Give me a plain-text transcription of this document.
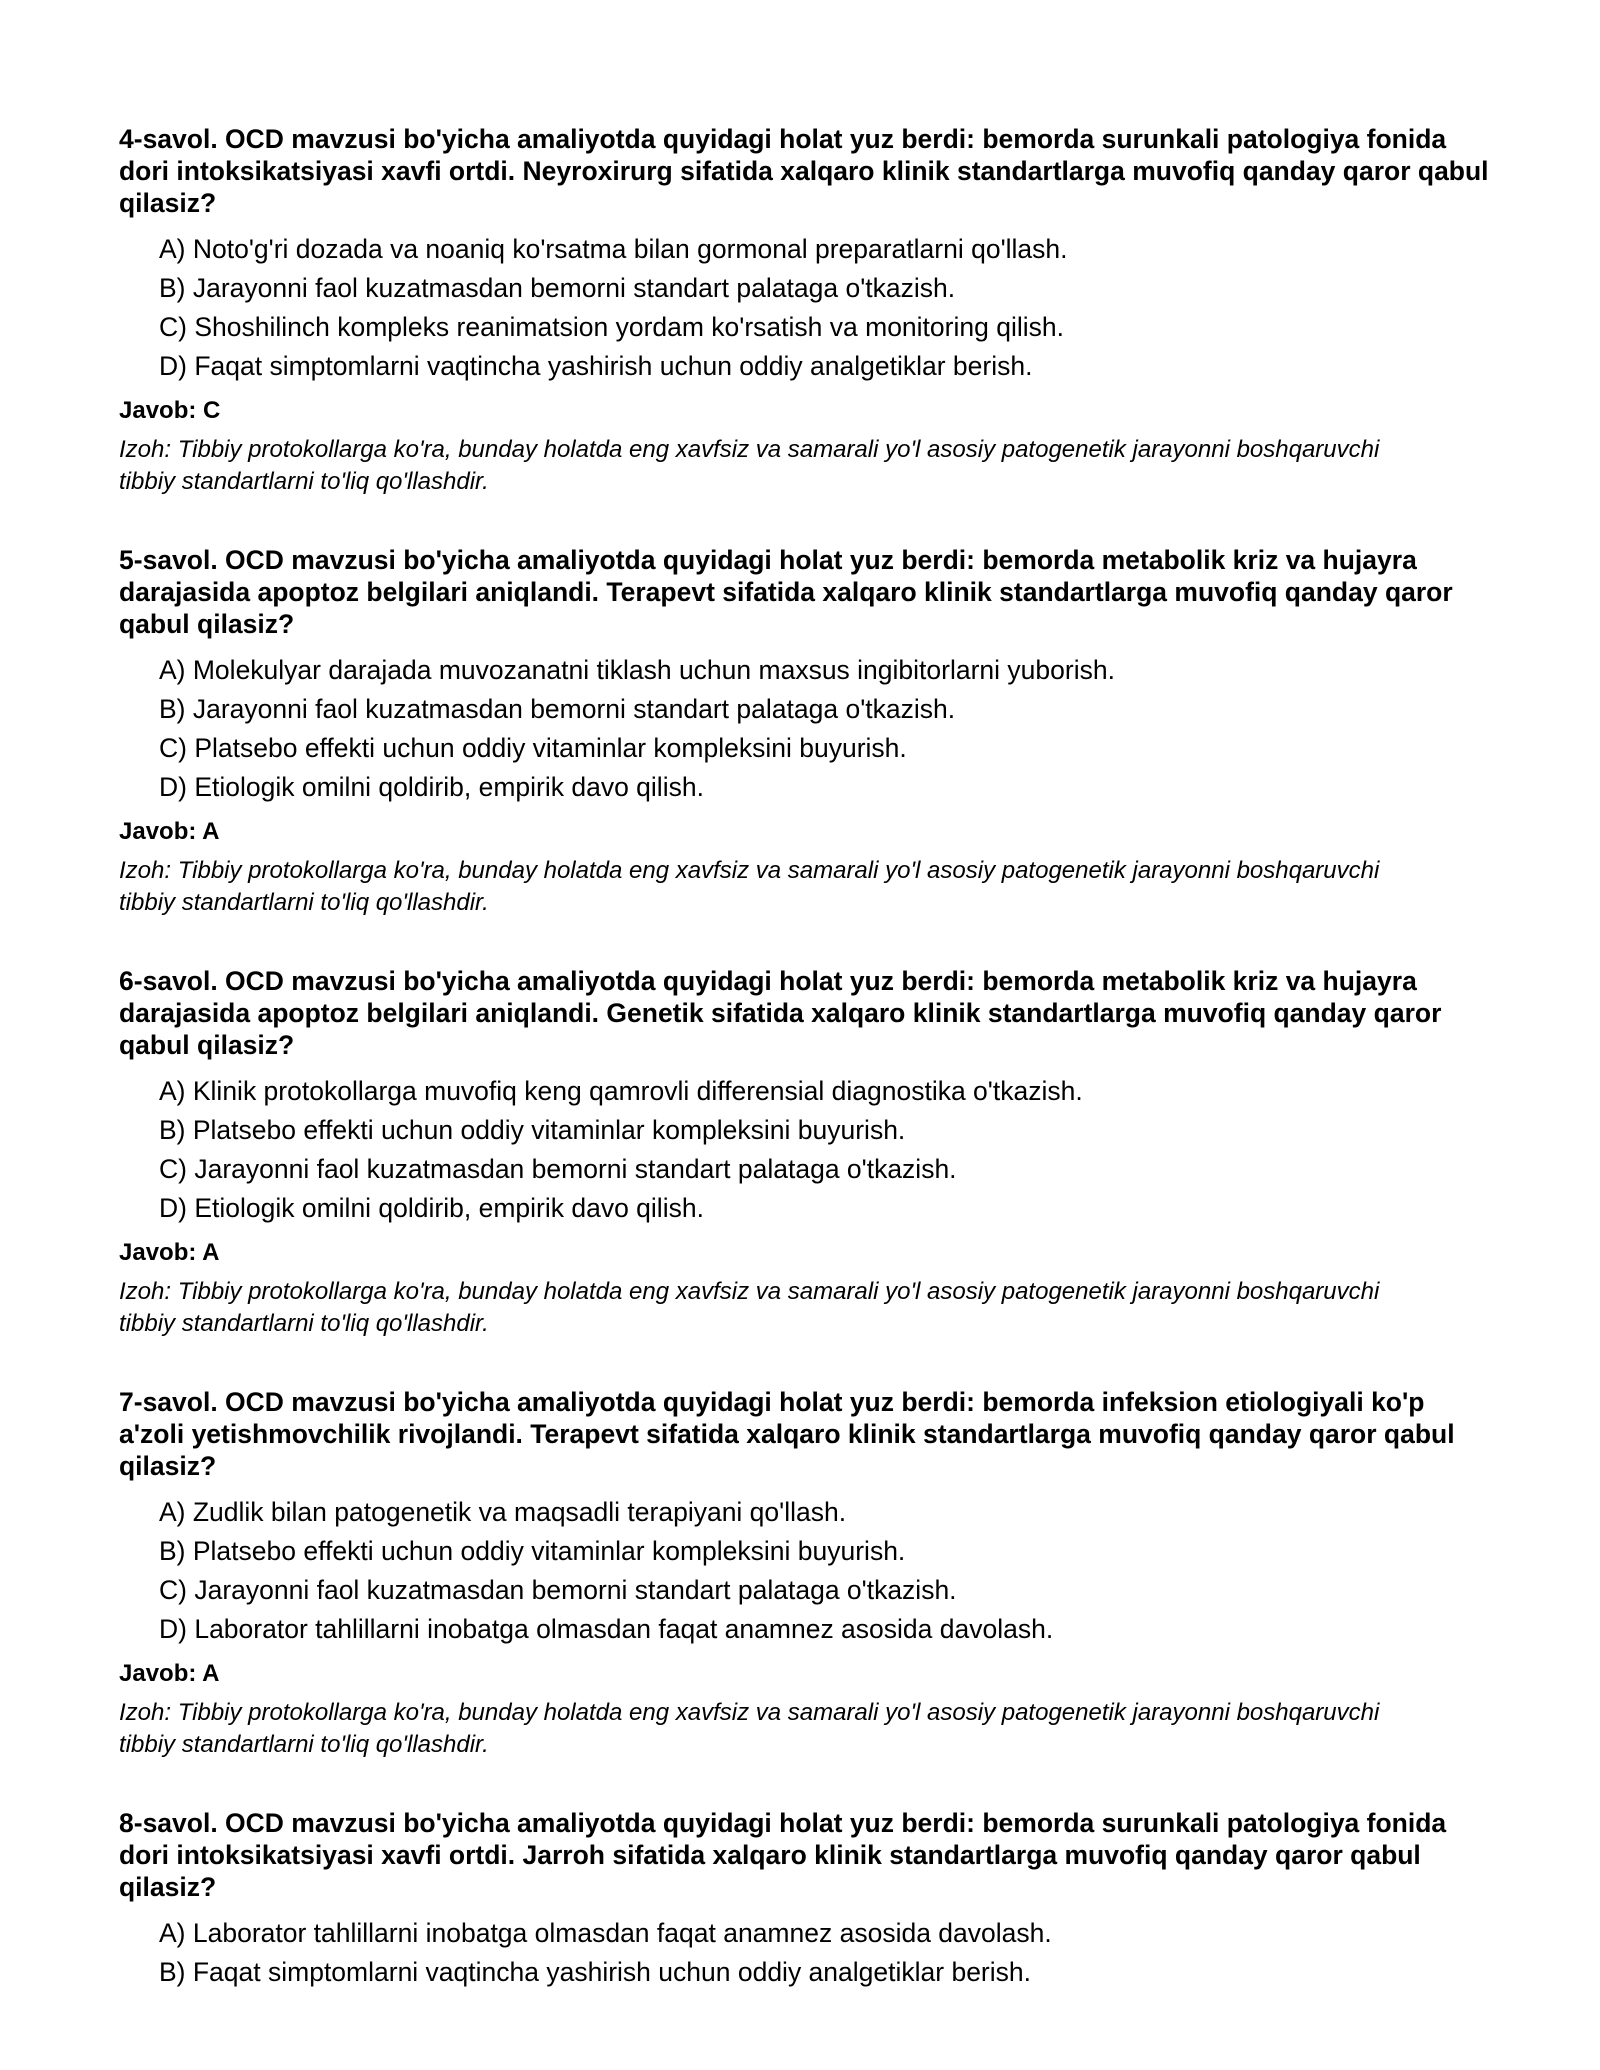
4-savol. OCD mavzusi bo'yicha amaliyotda quyidagi holat yuz berdi: bemorda surunkali patologiya fonida dori intoksikatsiyasi xavfi ortdi. Neyroxirurg sifatida xalqaro klinik standartlarga muvofiq qanday qaror qabul qilasiz?
A) Noto'g'ri dozada va noaniq ko'rsatma bilan gormonal preparatlarni qo'llash.
B) Jarayonni faol kuzatmasdan bemorni standart palataga o'tkazish.
C) Shoshilinch kompleks reanimatsion yordam ko'rsatish va monitoring qilish.
D) Faqat simptomlarni vaqtincha yashirish uchun oddiy analgetiklar berish.
Javob: C
Izoh: Tibbiy protokollarga ko'ra, bunday holatda eng xavfsiz va samarali yo'l asosiy patogenetik jarayonni boshqaruvchi tibbiy standartlarni to'liq qo'llashdir.
5-savol. OCD mavzusi bo'yicha amaliyotda quyidagi holat yuz berdi: bemorda metabolik kriz va hujayra darajasida apoptoz belgilari aniqlandi. Terapevt sifatida xalqaro klinik standartlarga muvofiq qanday qaror qabul qilasiz?
A) Molekulyar darajada muvozanatni tiklash uchun maxsus ingibitorlarni yuborish.
B) Jarayonni faol kuzatmasdan bemorni standart palataga o'tkazish.
C) Platsebo effekti uchun oddiy vitaminlar kompleksini buyurish.
D) Etiologik omilni qoldirib, empirik davo qilish.
Javob: A
Izoh: Tibbiy protokollarga ko'ra, bunday holatda eng xavfsiz va samarali yo'l asosiy patogenetik jarayonni boshqaruvchi tibbiy standartlarni to'liq qo'llashdir.
6-savol. OCD mavzusi bo'yicha amaliyotda quyidagi holat yuz berdi: bemorda metabolik kriz va hujayra darajasida apoptoz belgilari aniqlandi. Genetik sifatida xalqaro klinik standartlarga muvofiq qanday qaror qabul qilasiz?
A) Klinik protokollarga muvofiq keng qamrovli differensial diagnostika o'tkazish.
B) Platsebo effekti uchun oddiy vitaminlar kompleksini buyurish.
C) Jarayonni faol kuzatmasdan bemorni standart palataga o'tkazish.
D) Etiologik omilni qoldirib, empirik davo qilish.
Javob: A
Izoh: Tibbiy protokollarga ko'ra, bunday holatda eng xavfsiz va samarali yo'l asosiy patogenetik jarayonni boshqaruvchi tibbiy standartlarni to'liq qo'llashdir.
7-savol. OCD mavzusi bo'yicha amaliyotda quyidagi holat yuz berdi: bemorda infeksion etiologiyali ko'p a'zoli yetishmovchilik rivojlandi. Terapevt sifatida xalqaro klinik standartlarga muvofiq qanday qaror qabul qilasiz?
A) Zudlik bilan patogenetik va maqsadli terapiyani qo'llash.
B) Platsebo effekti uchun oddiy vitaminlar kompleksini buyurish.
C) Jarayonni faol kuzatmasdan bemorni standart palataga o'tkazish.
D) Laborator tahlillarni inobatga olmasdan faqat anamnez asosida davolash.
Javob: A
Izoh: Tibbiy protokollarga ko'ra, bunday holatda eng xavfsiz va samarali yo'l asosiy patogenetik jarayonni boshqaruvchi tibbiy standartlarni to'liq qo'llashdir.
8-savol. OCD mavzusi bo'yicha amaliyotda quyidagi holat yuz berdi: bemorda surunkali patologiya fonida dori intoksikatsiyasi xavfi ortdi. Jarroh sifatida xalqaro klinik standartlarga muvofiq qanday qaror qabul qilasiz?
A) Laborator tahlillarni inobatga olmasdan faqat anamnez asosida davolash.
B) Faqat simptomlarni vaqtincha yashirish uchun oddiy analgetiklar berish.
